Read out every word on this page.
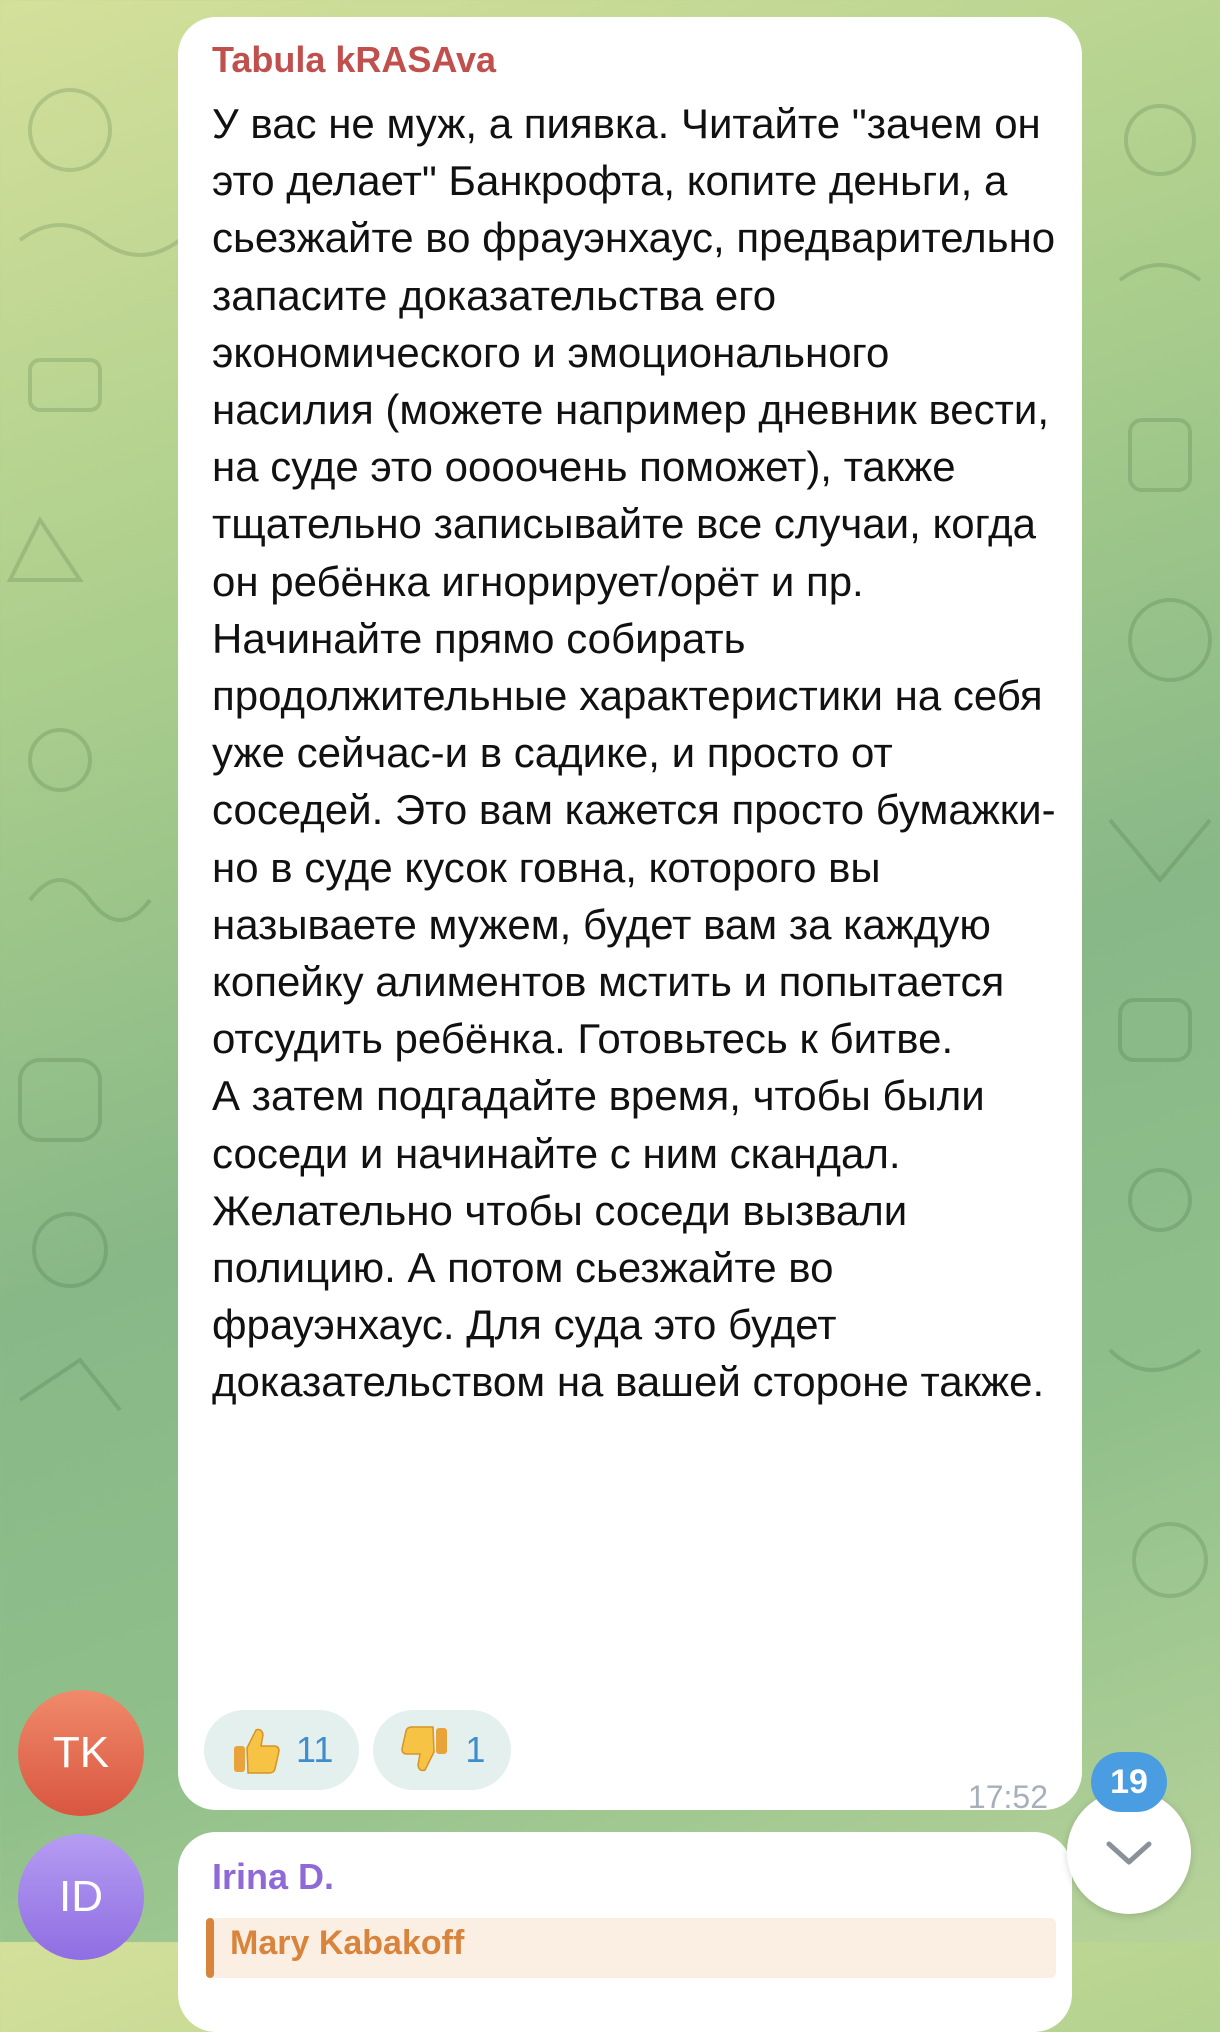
Tabula kRASAva

У вас не муж, а пиявка. Читайте "зачем он это делает" Банкрофта, копите деньги, а сьезжайте во фрауэнхаус, предварительно запасите доказательства его экономического и эмоционального насилия (можете например дневник вести, на суде это оооочень поможет), также тщательно записывайте все случаи, когда он ребёнка игнорирует/орёт и пр. Начинайте прямо собирать продолжительные характеристики на себя уже сейчас-и в садике, и просто от соседей. Это вам кажется просто бумажки-но в суде кусок говна, которого вы называете мужем, будет вам за каждую копейку алиментов мстить и попытается отсудить ребёнка. Готовьтесь к битве.

А затем подгадайте время, чтобы были соседи и начинайте с ним скандал. Желательно чтобы соседи вызвали полицию. А потом сьезжайте во фрауэнхаус. Для суда это будет доказательством на вашей стороне также.

11	1
17:52
TK
Irina D.
Mary Kabakoff
ID
19
